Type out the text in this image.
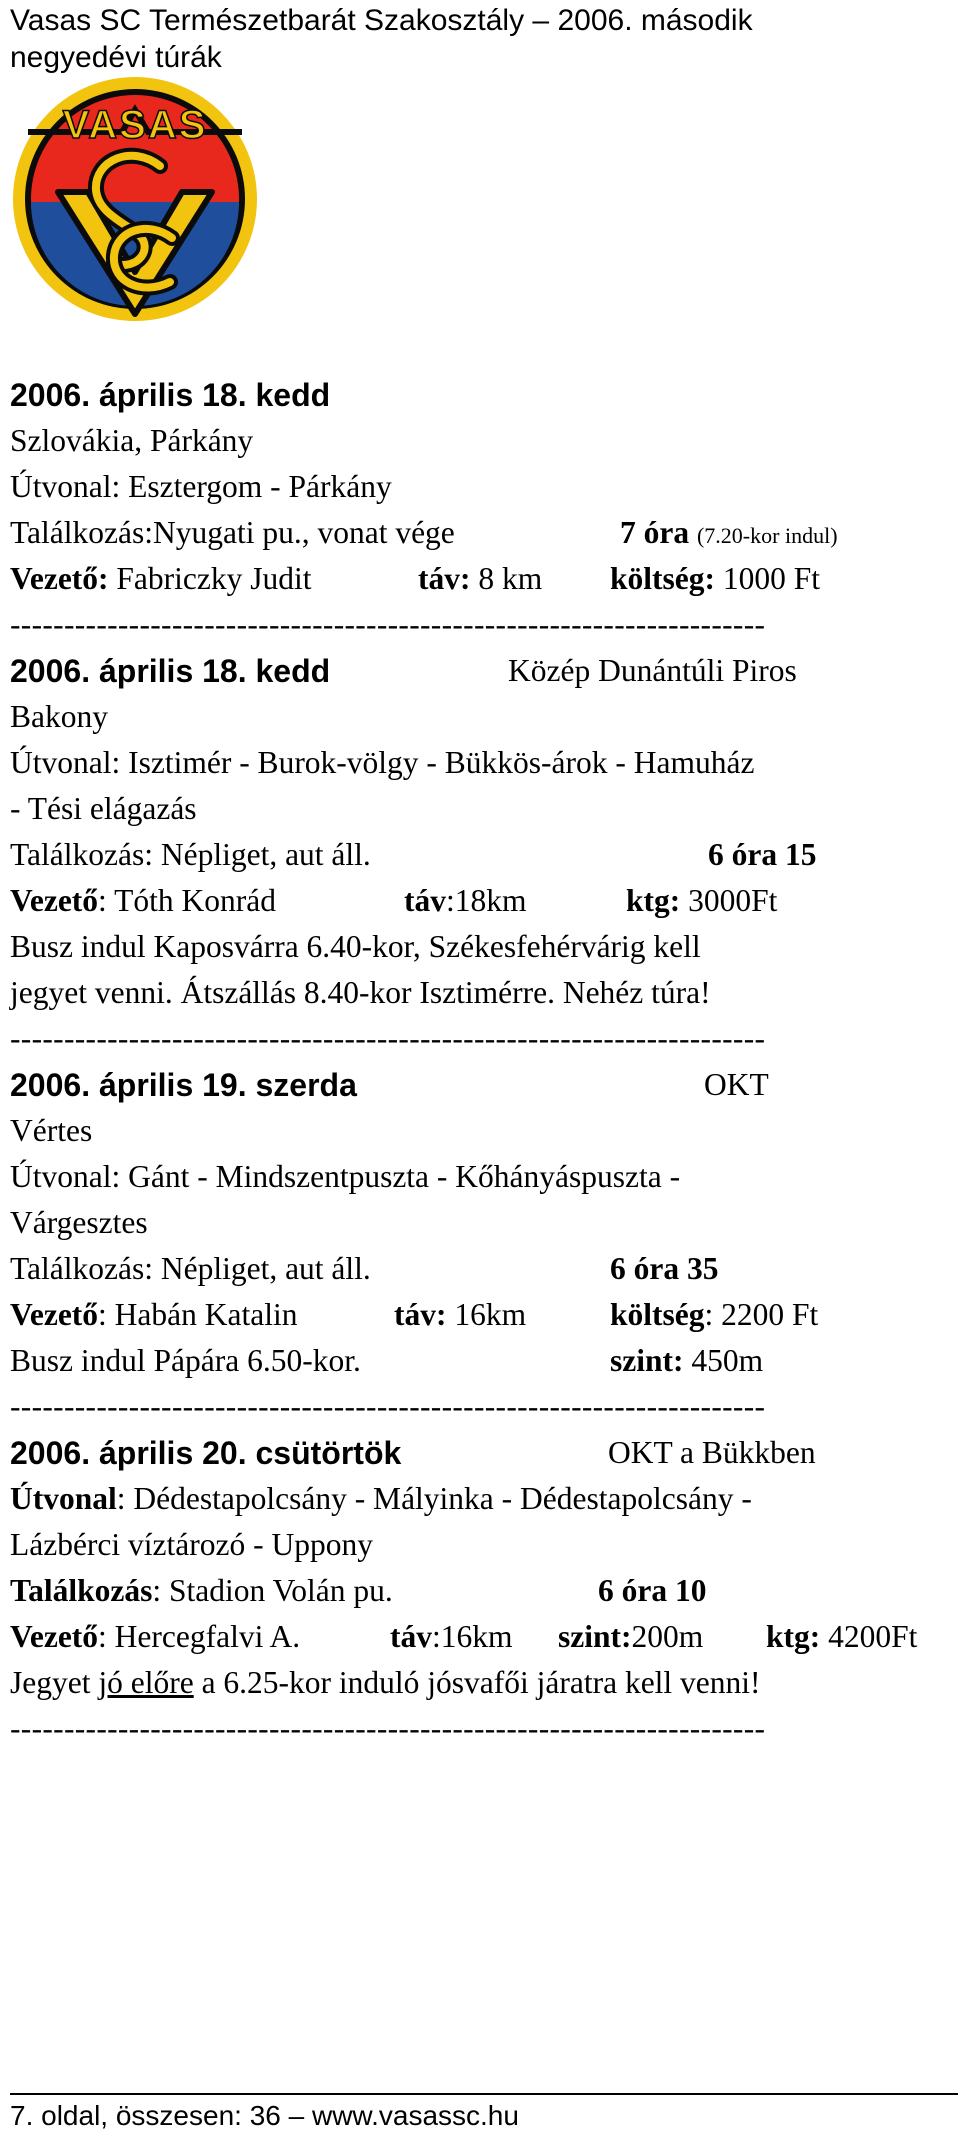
Vasas SC Természetbarát Szakosztály – 2006. második
negyedévi túrák
VASAS
2006. április 18. kedd
Szlovákia, Párkány
Útvonal: Esztergom - Párkány
Találkozás:Nyugati pu., vonat vége	7 óra (7.20-kor indul)
Vezető: Fabriczky Judit	táv: 8 km költség: 1000 Ft
----------------------------------------------------------------------
2006. április 18. kedd	Közép Dunántúli Piros
Bakony
Útvonal: Isztimér - Burok-völgy - Bükkös-árok - Hamuház
- Tési elágazás
Találkozás: Népliget, aut áll.	6 óra 15
Vezető: Tóth Konrád	táv:18km	ktg: 3000Ft
Busz indul Kaposvárra 6.40-kor, Székesfehérvárig kell
jegyet venni. Átszállás 8.40-kor Isztimérre. Nehéz túra!
----------------------------------------------------------------------
2006. április 19. szerda	OKT
Vértes
Útvonal: Gánt - Mindszentpuszta - Kőhányáspuszta -
Várgesztes
Találkozás: Népliget, aut áll.	6 óra 35
Vezető: Habán Katalin	táv: 16km	költség: 2200 Ft
Busz indul Pápára 6.50-kor.	szint: 450m
----------------------------------------------------------------------
2006. április 20. csütörtök	OKT a Bükkben
Útvonal: Dédestapolcsány - Mályinka - Dédestapolcsány -
Lázbérci víztározó - Uppony
Találkozás: Stadion Volán pu.	6 óra 10
Vezető: Hercegfalvi A.	táv:16km szint:200m ktg: 4200Ft
Jegyet jó előre a 6.25-kor induló jósvafői járatra kell venni!
----------------------------------------------------------------------
7. oldal, összesen: 36 – www.vasassc.hu
